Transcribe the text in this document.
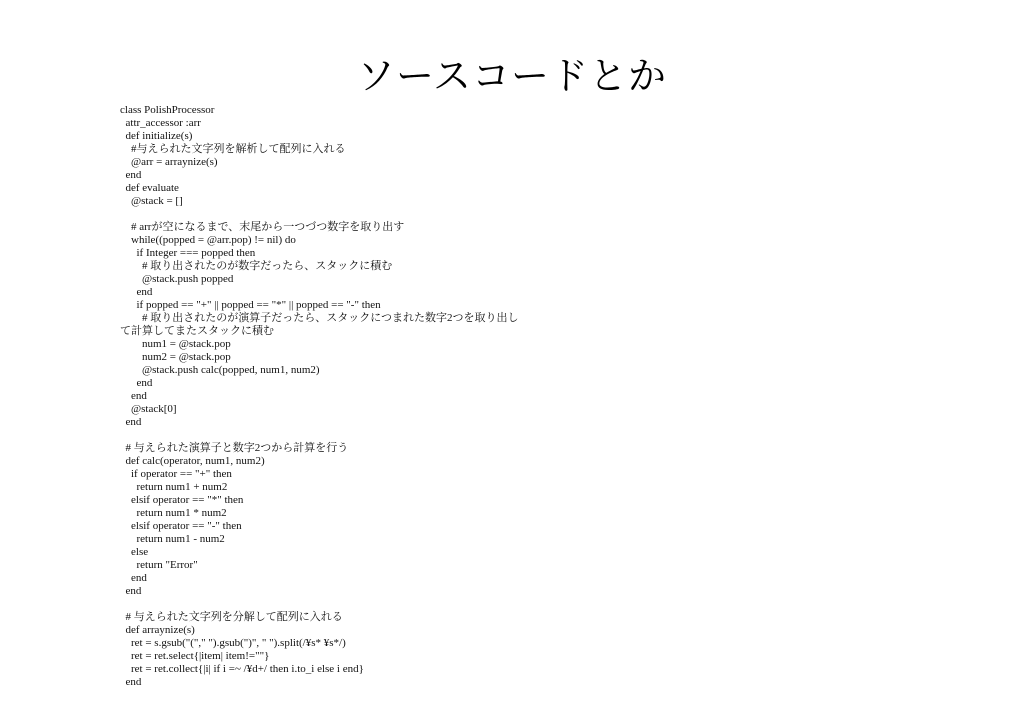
ソースコードとか
class PolishProcessor
attr_accessor :arr
def initialize(s)
#与えられた文字列を解析して配列に入れる
@arr = arraynize(s)
end
def evaluate
@stack = []
# arrが空になるまで、末尾から一つづつ数字を取り出す
while((popped = @arr.pop) != nil) do
if Integer === popped then
# 取り出されたのが数字だったら、スタックに積む
@stack.push popped
end
if popped == "+" || popped == "*" || popped == "-" then
# 取り出されたのが演算子だったら、スタックにつまれた数字2つを取り出し
て計算してまたスタックに積む
num1 = @stack.pop
num2 = @stack.pop
@stack.push calc(popped, num1, num2)
end
end
@stack[0]
end
# 与えられた演算子と数字2つから計算を行う
def calc(operator, num1, num2)
if operator == "+" then
return num1 + num2
elsif operator == "*" then
return num1 * num2
elsif operator == "-" then
return num1 - num2
else
return "Error"
end
end
# 与えられた文字列を分解して配列に入れる
def arraynize(s)
ret = s.gsub("("," ").gsub(")", " ").split(/¥s* ¥s*/)
ret = ret.select{|item| item!=""}
ret = ret.collect{|i| if i =~ /¥d+/ then i.to_i else i end}
end
